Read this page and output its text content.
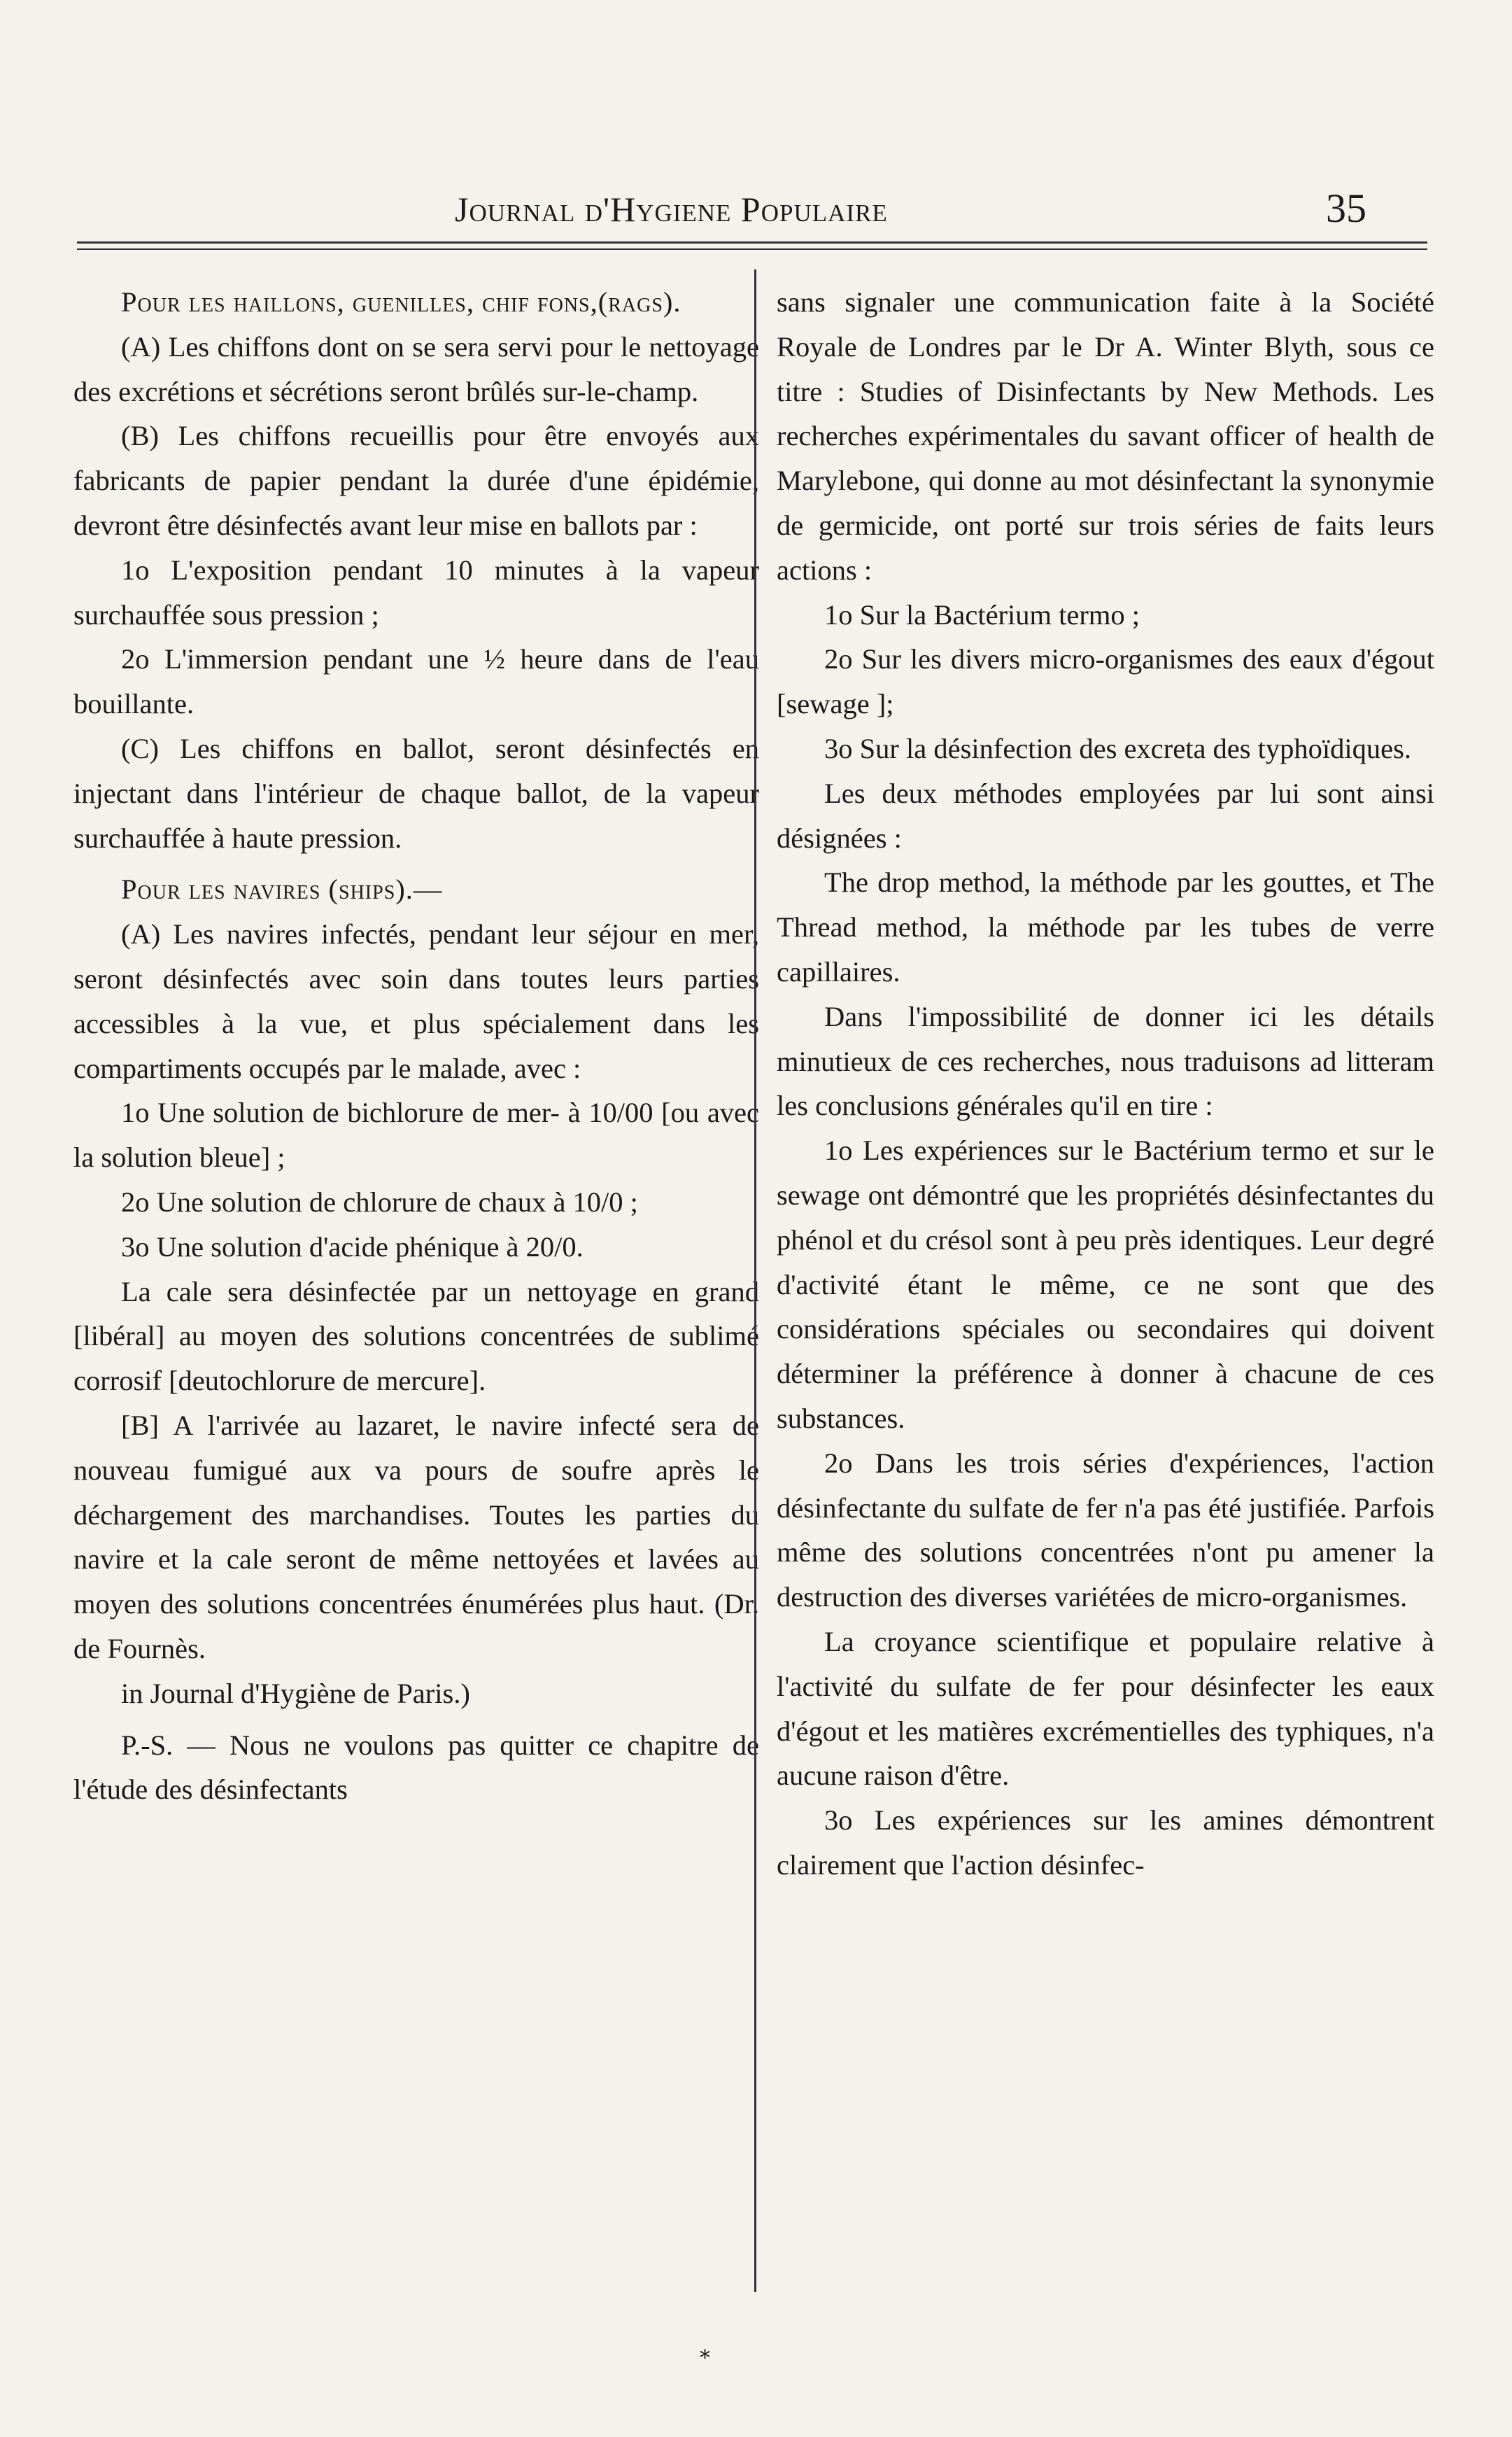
Journal d'Hygiene Populaire	35

Pour les haillons, guenilles, chif fons,(rags).

(A) Les chiffons dont on se sera servi pour le nettoyage des excrétions et sécrétions seront brûlés sur-le-champ.

(B) Les chiffons recueillis pour être envoyés aux fabricants de papier pendant la durée d'une épidémie, devront être désinfectés avant leur mise en ballots par :

1o L'exposition pendant 10 minutes à la vapeur surchauffée sous pression ;

2o L'immersion pendant une ½ heure dans de l'eau bouillante.

(C) Les chiffons en ballot, seront désinfectés en injectant dans l'intérieur de chaque ballot, de la vapeur surchauffée à haute pression.

Pour les navires (ships).—

(A) Les navires infectés, pendant leur séjour en mer, seront désinfectés avec soin dans toutes leurs parties accessibles à la vue, et plus spécialement dans les compartiments occupés par le malade, avec :

1o Une solution de bichlorure de mer- à 10/00 [ou avec la solution bleue] ;

2o Une solution de chlorure de chaux à 10/0 ;

3o Une solution d'acide phénique à 20/0.

La cale sera désinfectée par un nettoyage en grand [libéral] au moyen des solutions concentrées de sublimé corrosif [deutochlorure de mercure].

[B] A l'arrivée au lazaret, le navire infecté sera de nouveau fumigué aux va pours de soufre après le déchargement des marchandises. Toutes les parties du navire et la cale seront de même nettoyées et lavées au moyen des solutions concentrées énumérées plus haut. (Dr. de Fournès.

in Journal d'Hygiène de Paris.)

P.-S. — Nous ne voulons pas quitter ce chapitre de l'étude des désinfectants

sans signaler une communication faite à la Société Royale de Londres par le Dr A. Winter Blyth, sous ce titre : Studies of Disinfectants by New Methods. Les recherches expérimentales du savant officer of health de Marylebone, qui donne au mot désinfectant la synonymie de germicide, ont porté sur trois séries de faits leurs actions :

1o Sur la Bactérium termo ;

2o Sur les divers micro-organismes des eaux d'égout [sewage ];

3o Sur la désinfection des excreta des typhoïdiques.

Les deux méthodes employées par lui sont ainsi désignées :

The drop method, la méthode par les gouttes, et The Thread method, la méthode par les tubes de verre capillaires.

Dans l'impossibilité de donner ici les détails minutieux de ces recherches, nous traduisons ad litteram les conclusions générales qu'il en tire :

1o Les expériences sur le Bactérium termo et sur le sewage ont démontré que les propriétés désinfectantes du phénol et du crésol sont à peu près identiques. Leur degré d'activité étant le même, ce ne sont que des considérations spéciales ou secondaires qui doivent déterminer la préférence à donner à chacune de ces substances.

2o Dans les trois séries d'expériences, l'action désinfectante du sulfate de fer n'a pas été justifiée. Parfois même des solutions concentrées n'ont pu amener la destruction des diverses variétées de micro-organismes.

La croyance scientifique et populaire relative à l'activité du sulfate de fer pour désinfecter les eaux d'égout et les matières excrémentielles des typhiques, n'a aucune raison d'être.

3o Les expériences sur les amines démontrent clairement que l'action désinfec-

*
